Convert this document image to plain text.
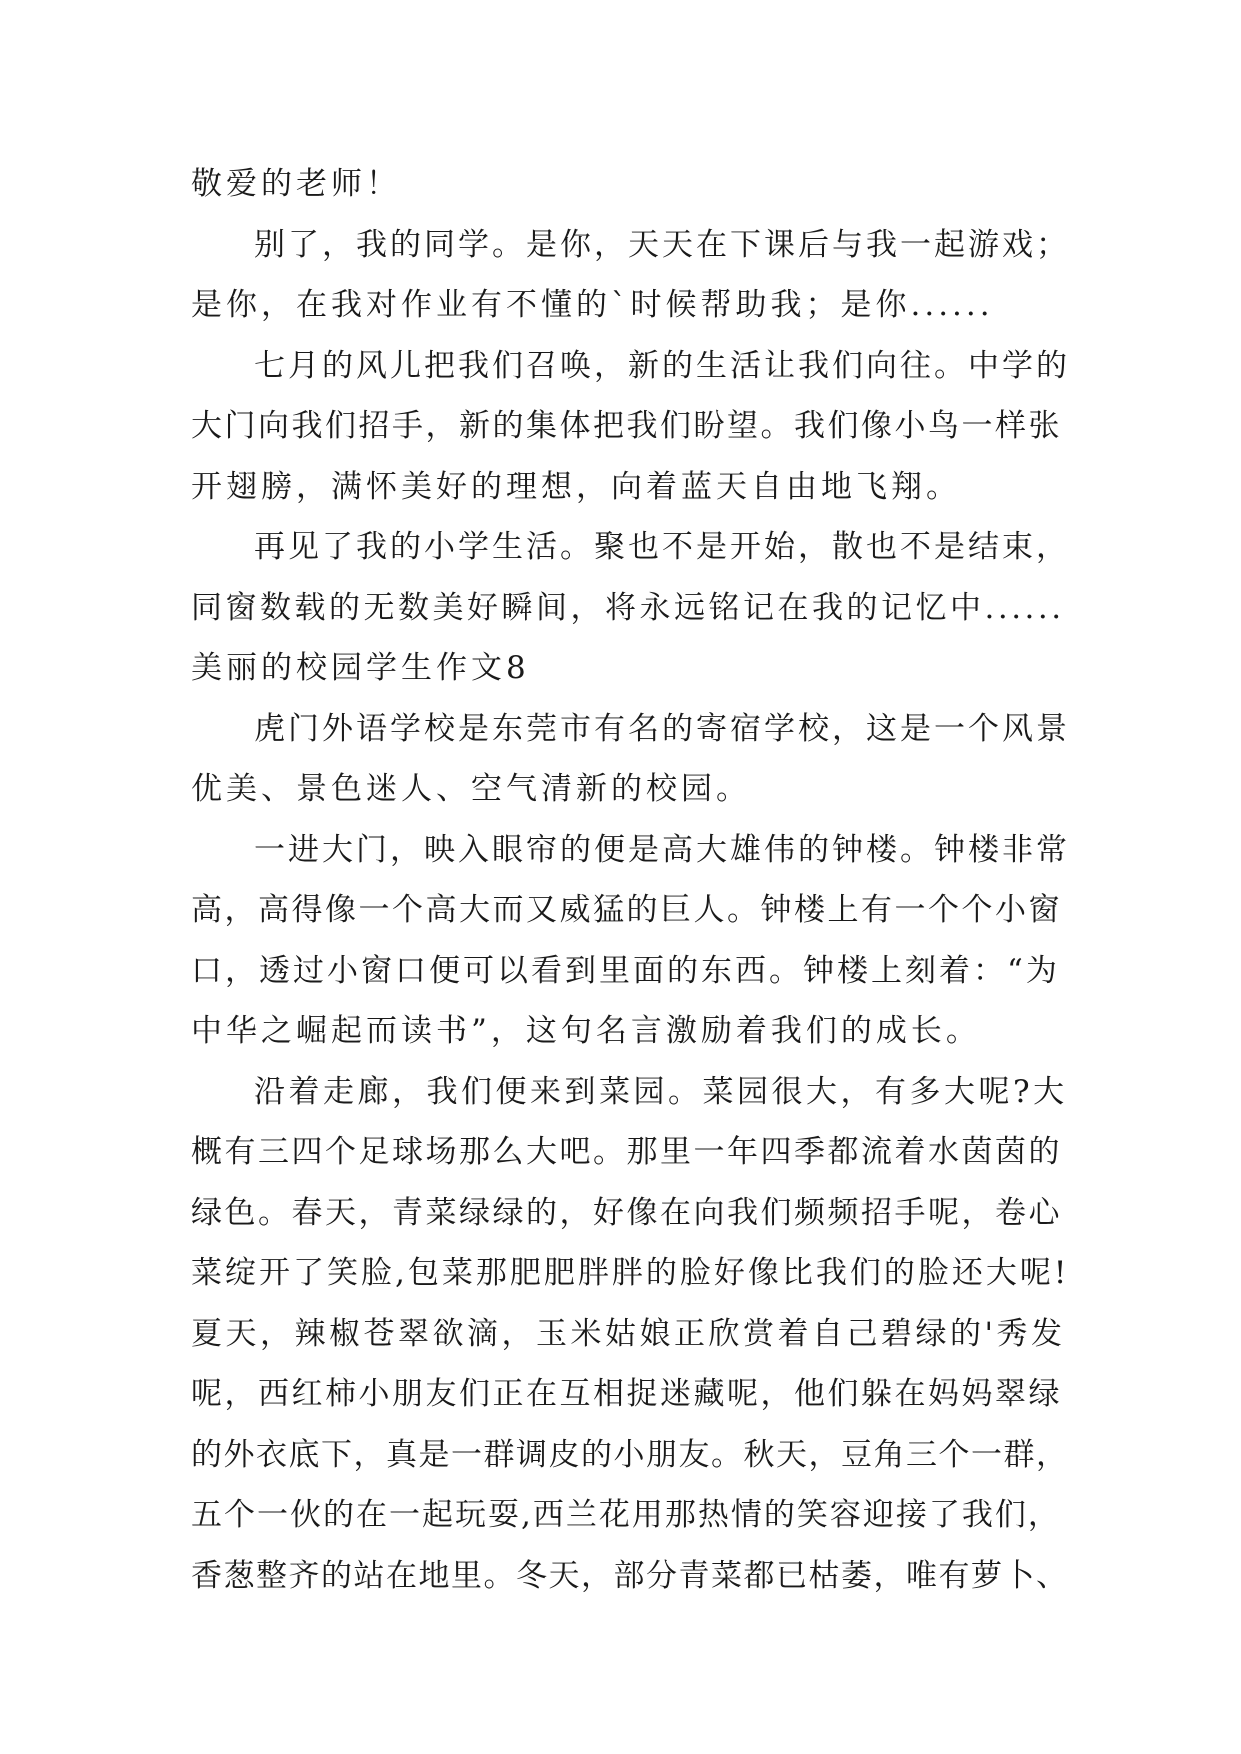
敬爱的老师！
别了，我的同学。是你，天天在下课后与我一起游戏；
是你，在我对作业有不懂的`时候帮助我；是你......
七月的风儿把我们召唤，新的生活让我们向往。中学的
大门向我们招手，新的集体把我们盼望。我们像小鸟一样张
开翅膀，满怀美好的理想，向着蓝天自由地飞翔。
再见了我的小学生活。聚也不是开始，散也不是结束，
同窗数载的无数美好瞬间，将永远铭记在我的记忆中......
美丽的校园学生作文8
虎门外语学校是东莞市有名的寄宿学校，这是一个风景
优美、景色迷人、空气清新的校园。
一进大门，映入眼帘的便是高大雄伟的钟楼。钟楼非常
高，高得像一个高大而又威猛的巨人。钟楼上有一个个小窗
口，透过小窗口便可以看到里面的东西。钟楼上刻着：“为
中华之崛起而读书”，这句名言激励着我们的成长。
沿着走廊，我们便来到菜园。菜园很大，有多大呢?大
概有三四个足球场那么大吧。那里一年四季都流着水茵茵的
绿色。春天，青菜绿绿的，好像在向我们频频招手呢，卷心
菜绽开了笑脸,包菜那肥肥胖胖的脸好像比我们的脸还大呢!
夏天，辣椒苍翠欲滴，玉米姑娘正欣赏着自己碧绿的'秀发
呢，西红柿小朋友们正在互相捉迷藏呢，他们躲在妈妈翠绿
的外衣底下，真是一群调皮的小朋友。秋天，豆角三个一群，
五个一伙的在一起玩耍,西兰花用那热情的笑容迎接了我们，
香葱整齐的站在地里。冬天，部分青菜都已枯萎，唯有萝卜、
